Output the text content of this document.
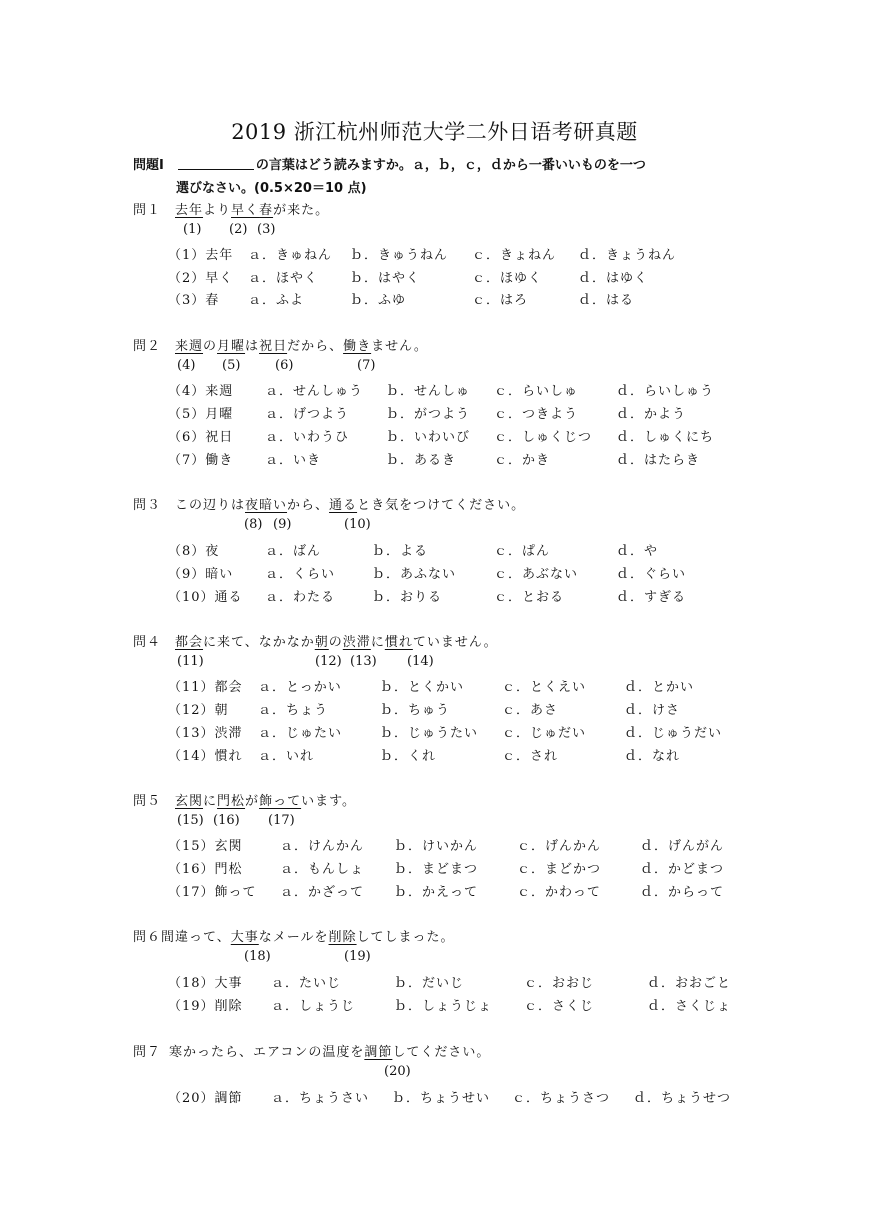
2019 浙江杭州师范大学二外日语考研真题
問題Ⅰ	の言葉はどう読みますか。ａ，ｂ，ｃ，ｄから一番いいものを一つ
選びなさい。(0.5×20＝10 点)
問１ 去年より早く春が来た。
(1) (2) (3)
（1）去年 ａ．きゅねん ｂ．きゅうねん ｃ．きょねん ｄ．きょうねん
（2）早く ａ．ほやく ｂ．はやく	ｃ．ほゆく	ｄ．はゆく
（3）春 ａ．ふよ	ｂ．ふゆ	ｃ．はろ	ｄ．はる
問２ 来週の月曜は祝日だから、働きません。
(4) (5)	(6)	(7)
（4）来週 ａ．せんしゅう ｂ．せんしゅ ｃ．らいしゅ	ｄ．らいしゅう
（5）月曜 ａ．げつよう	ｂ．がつよう ｃ．つきよう	ｄ．かよう
（6）祝日 ａ．いわうひ	ｂ．いわいび ｃ．しゅくじつ ｄ．しゅくにち
（7）働き ａ．いき	ｂ．あるき	ｃ．かき	ｄ．はたらき
問３ この辺りは夜暗いから、通るとき気をつけてください。
(8) (9)	(10)
（8）夜	ａ．ばん	ｂ．よる	ｃ．ぱん	ｄ．や
（9）暗い ａ．くらい	ｂ．あふない	ｃ．あぶない	ｄ．ぐらい
（10）通る ａ．わたる	ｂ．おりる	ｃ．とおる	ｄ．すぎる
問４ 都会に来て、なかなか朝の渋滞に慣れていません。
(11)	(12) (13) (14)
（11）都会 ａ．とっかい	ｂ．とくかい	ｃ．とくえい	ｄ．とかい
（12）朝 ａ．ちょう	ｂ．ちゅう	ｃ．あさ	ｄ．けさ
（13）渋滞 ａ．じゅたい	ｂ．じゅうたい ｃ．じゅだい	ｄ．じゅうだい
（14）慣れ ａ．いれ	ｂ．くれ	ｃ．され	ｄ．なれ
問５ 玄関に門松が飾っています。
(15) (16) (17)
（15）玄関	ａ．けんかん ｂ．けいかん	ｃ．げんかん	ｄ．げんがん
（16）門松	ａ．もんしょ ｂ．まどまつ	ｃ．まどかつ	ｄ．かどまつ
（17）飾って ａ．かざって ｂ．かえって	ｃ．かわって	ｄ．からって
問６間違って、大事なメールを削除してしまった。
(18)	(19)
（18）大事 ａ．たいじ	ｂ．だいじ	ｃ．おおじ	ｄ．おおごと
（19）削除 ａ．しょうじ	ｂ．しょうじょ ｃ．さくじ	ｄ．さくじょ
問７ 寒かったら、エアコンの温度を調節してください。
(20)
（20）調節 ａ．ちょうさい ｂ．ちょうせい ｃ．ちょうさつ ｄ．ちょうせつ
